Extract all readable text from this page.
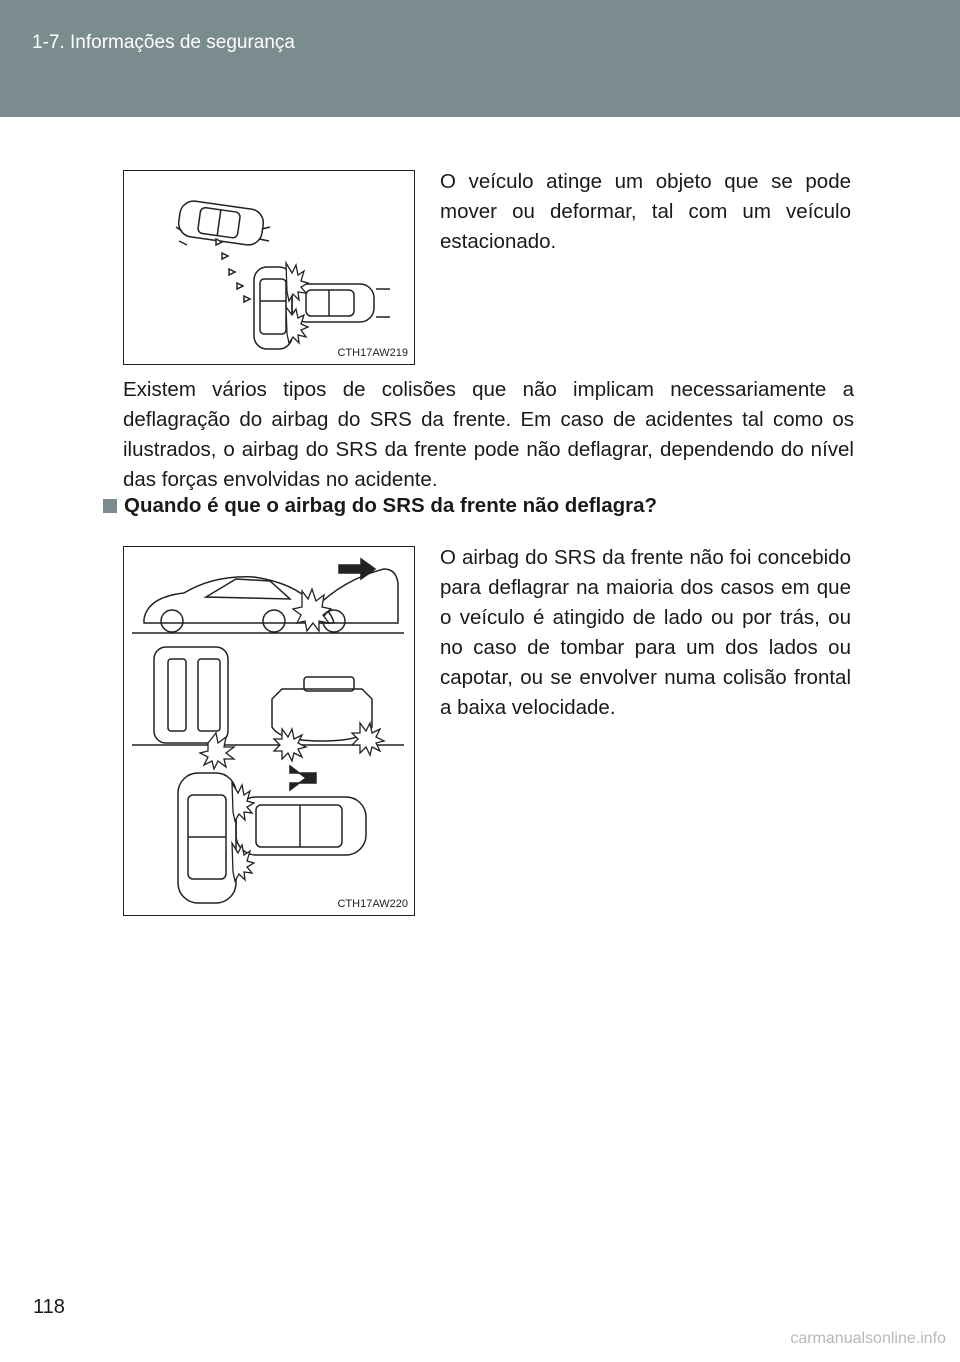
1-7. Informações de segurança
CTH17AW219
O veículo atinge um objeto que se pode mover ou deformar, tal com um veículo estacionado.
Existem vários tipos de colisões que não implicam necessariamente a deflagração do airbag do SRS da frente. Em caso de acidentes tal como os ilustrados, o airbag do SRS da frente pode não deflagrar, dependendo do nível das forças envolvidas no acidente.
Quando é que o airbag do SRS da frente não deflagra?
CTH17AW220
O airbag do SRS da frente não foi concebido para deflagrar na maioria dos casos em que o veículo é atingido de lado ou por trás, ou no caso de tombar para um dos lados ou capotar, ou se envolver numa colisão frontal a baixa velocidade.
118
carmanualsonline.info
